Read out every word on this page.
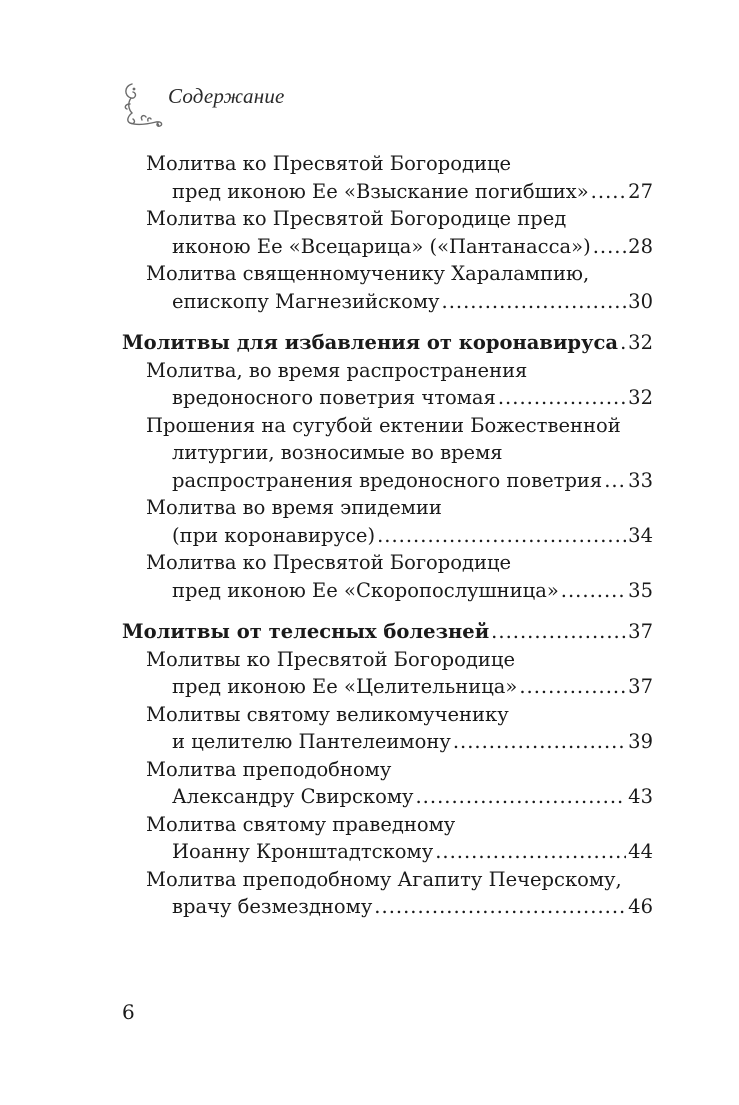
Содержание
Молитва ко Пресвятой Богородице
пред иконою Ее «Взыскание погибших» ..... 27
Молитва ко Пресвятой Богородице пред
иконою Ее «Всецарица» («Пантанасса») ..... 28
Молитва священномученику Харалампию,
епископу Магнезийскому .....	30
Молитвы для избавления от коронавируса ..... 32
Молитва, во время распространения
вредоносного поветрия чтомая .....	32
Прошения на сугубой ектении Божественной
литургии, возносимые во время
распространения вредоносного поветрия ..... 33
Молитва во время эпидемии
(при коронавирусе) .....	34
Молитва ко Пресвятой Богородице
пред иконою Ее «Скоропослушница» .....	35
Молитвы от телесных болезней .....	37
Молитвы ко Пресвятой Богородице
пред иконою Ее «Целительница» .....	37
Молитвы святому великомученику
и целителю Пантелеимону .....	39
Молитва преподобному
Александру Свирскому .....	43
Молитва святому праведному
Иоанну Кронштадтскому .....	44
Молитва преподобному Агапиту Печерскому,
врачу безмездному .....	46
6
